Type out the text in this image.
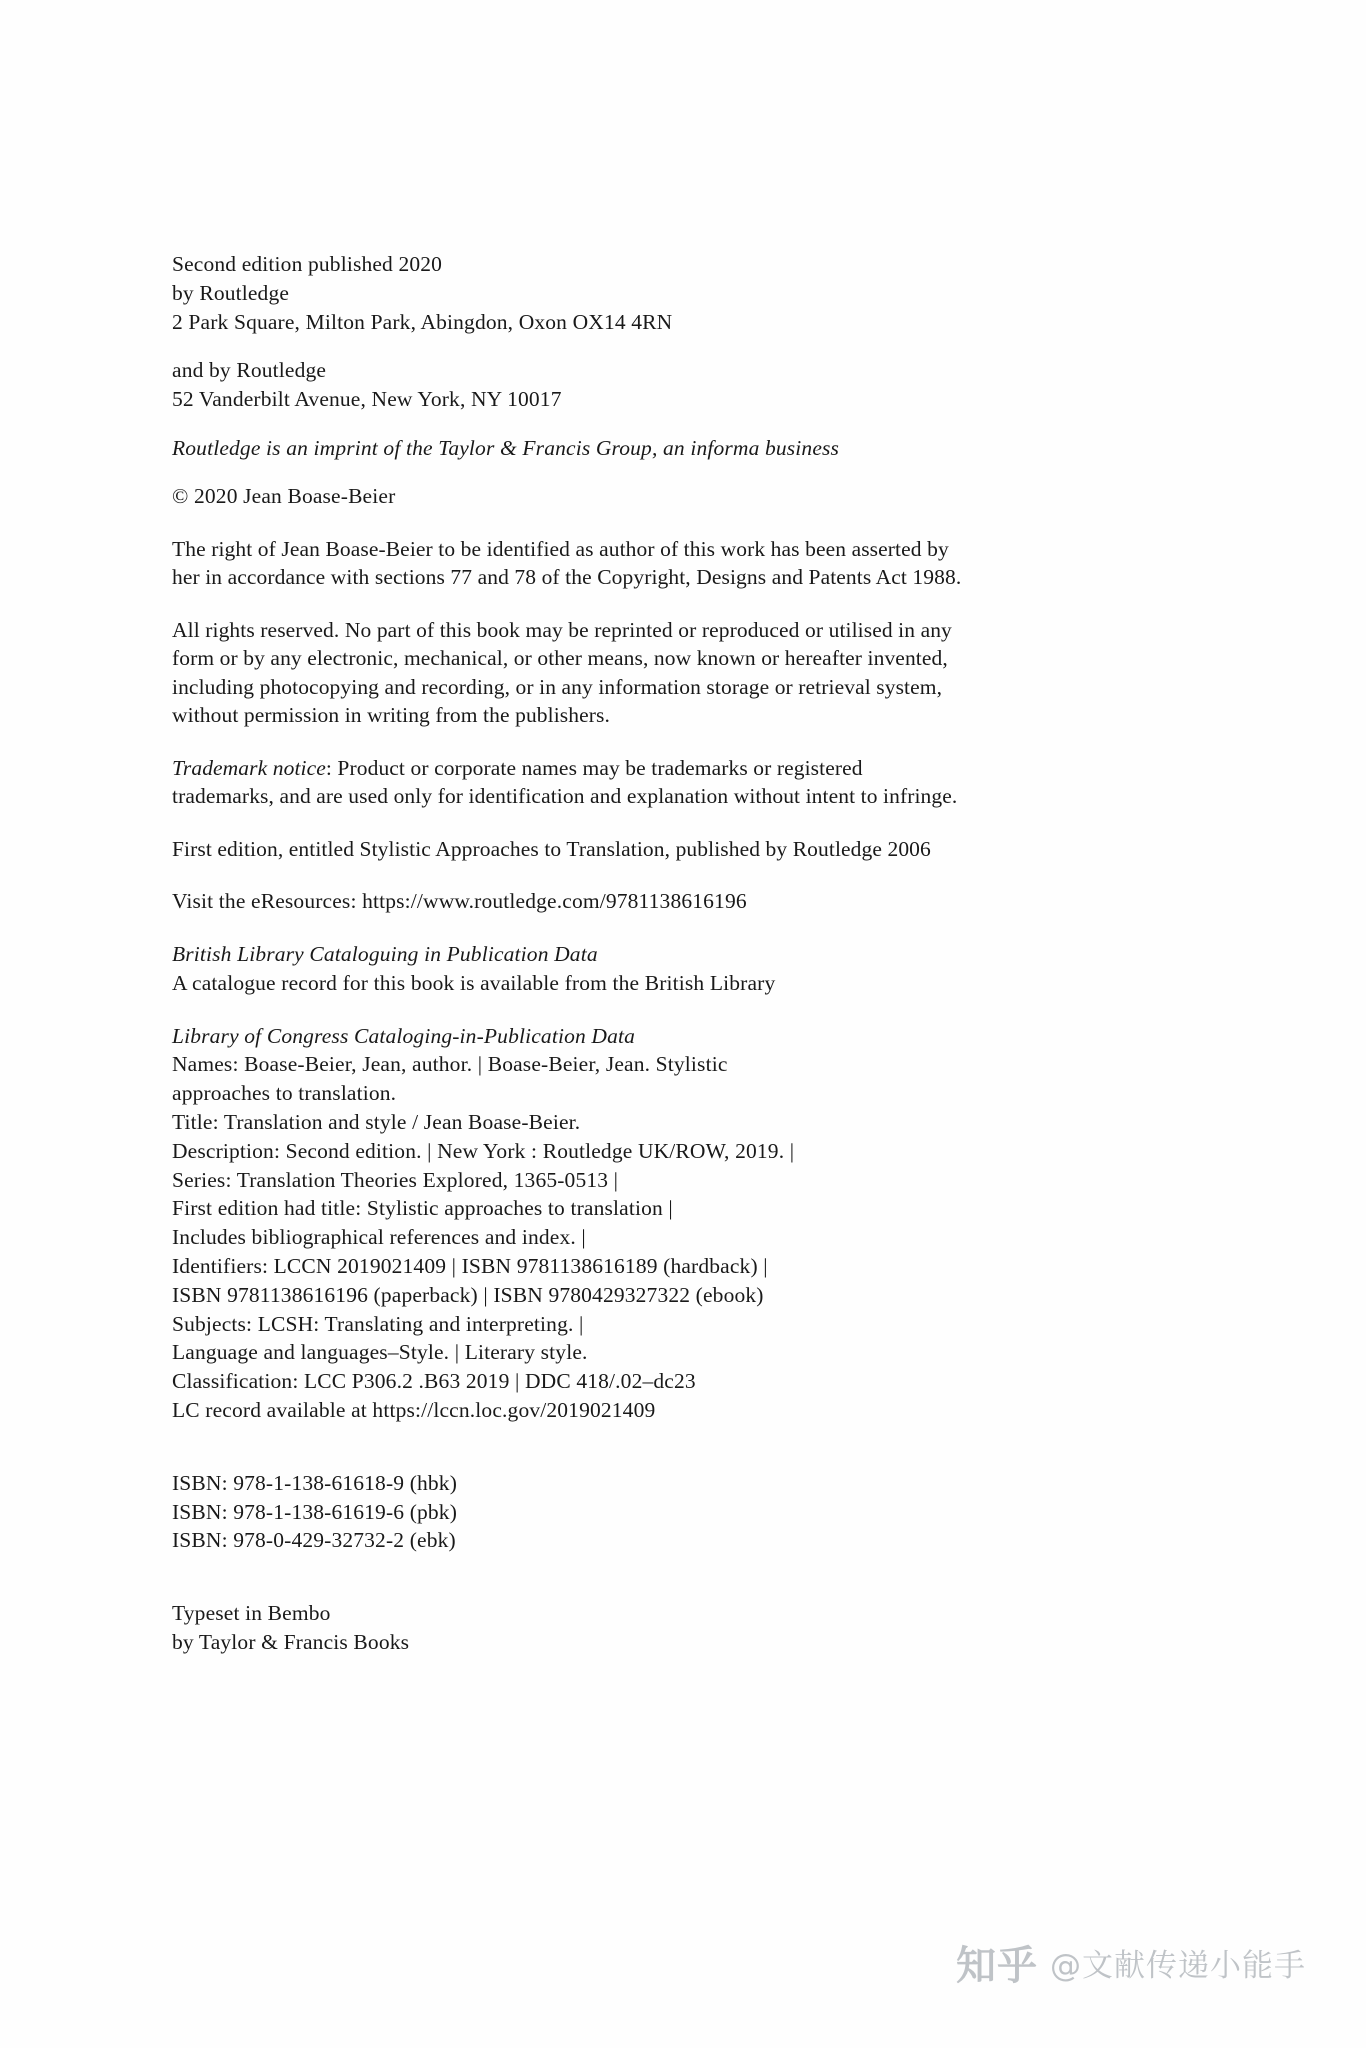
Second edition published 2020
by Routledge
2 Park Square, Milton Park, Abingdon, Oxon OX14 4RN
and by Routledge
52 Vanderbilt Avenue, New York, NY 10017
Routledge is an imprint of the Taylor & Francis Group, an informa business
© 2020 Jean Boase-Beier
The right of Jean Boase-Beier to be identified as author of this work has been asserted by her in accordance with sections 77 and 78 of the Copyright, Designs and Patents Act 1988.
All rights reserved. No part of this book may be reprinted or reproduced or utilised in any form or by any electronic, mechanical, or other means, now known or hereafter invented, including photocopying and recording, or in any information storage or retrieval system, without permission in writing from the publishers.
Trademark notice: Product or corporate names may be trademarks or registered trademarks, and are used only for identification and explanation without intent to infringe.
First edition, entitled Stylistic Approaches to Translation, published by Routledge 2006
Visit the eResources: https://www.routledge.com/9781138616196
British Library Cataloguing in Publication Data
A catalogue record for this book is available from the British Library
Library of Congress Cataloging-in-Publication Data
Names: Boase-Beier, Jean, author. | Boase-Beier, Jean. Stylistic
approaches to translation.
Title: Translation and style / Jean Boase-Beier.
Description: Second edition. | New York : Routledge UK/ROW, 2019. |
Series: Translation Theories Explored, 1365-0513 |
First edition had title: Stylistic approaches to translation |
Includes bibliographical references and index. |
Identifiers: LCCN 2019021409 | ISBN 9781138616189 (hardback) |
ISBN 9781138616196 (paperback) | ISBN 9780429327322 (ebook)
Subjects: LCSH: Translating and interpreting. |
Language and languages–Style. | Literary style.
Classification: LCC P306.2 .B63 2019 | DDC 418/.02–dc23
LC record available at https://lccn.loc.gov/2019021409
ISBN: 978-1-138-61618-9 (hbk)
ISBN: 978-1-138-61619-6 (pbk)
ISBN: 978-0-429-32732-2 (ebk)
Typeset in Bembo
by Taylor & Francis Books
知乎 @文献传递小能手
